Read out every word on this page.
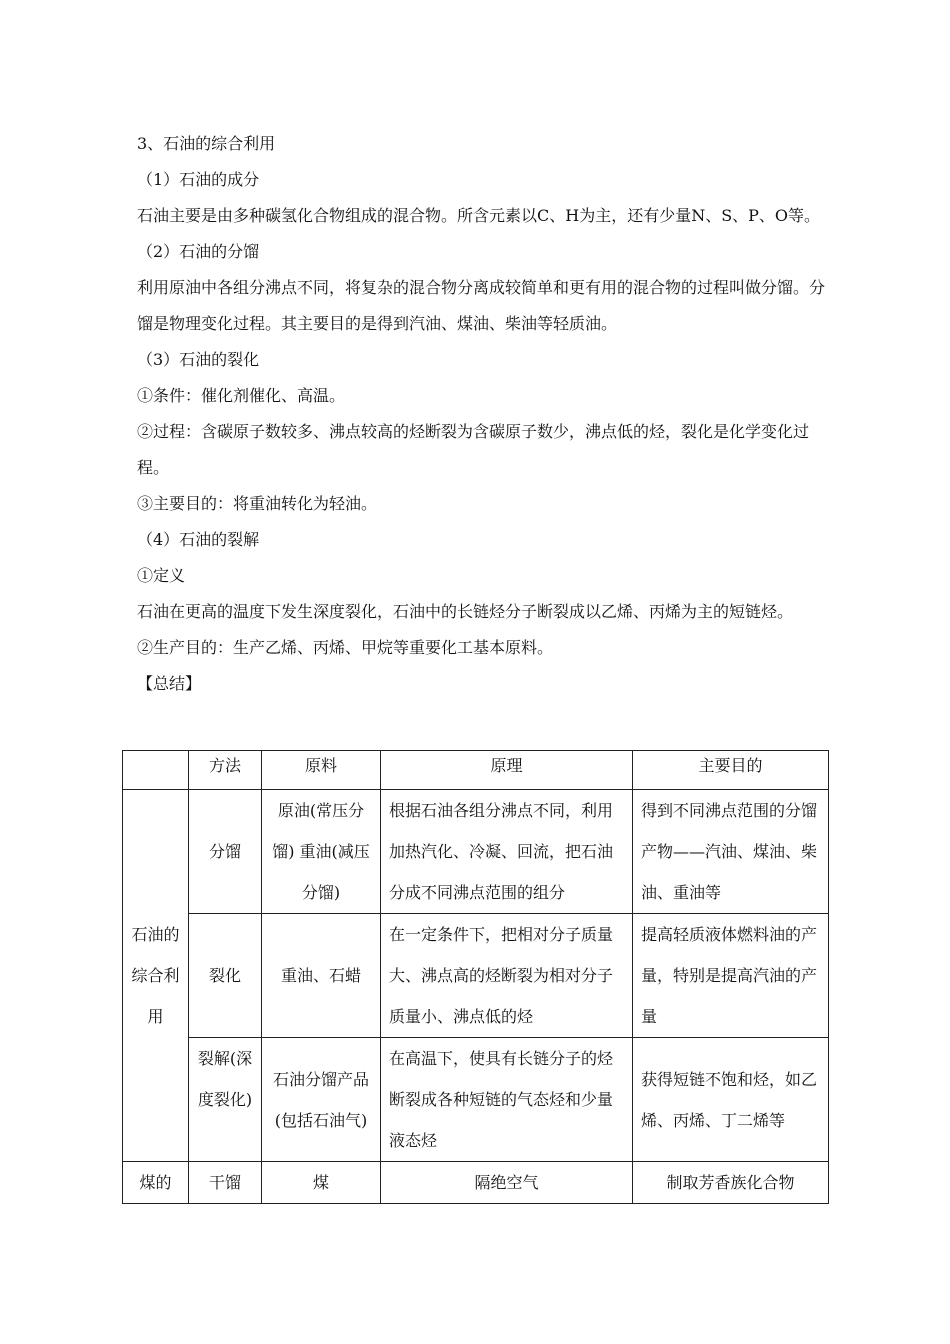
3、石油的综合利用
（1）石油的成分
石油主要是由多种碳氢化合物组成的混合物。所含元素以C、H为主，还有少量N、S、P、O等。
（2）石油的分馏
利用原油中各组分沸点不同，将复杂的混合物分离成较简单和更有用的混合物的过程叫做分馏。分馏是物理变化过程。其主要目的是得到汽油、煤油、柴油等轻质油。
（3）石油的裂化
①条件：催化剂催化、高温。
②过程：含碳原子数较多、沸点较高的烃断裂为含碳原子数少，沸点低的烃，裂化是化学变化过程。
③主要目的：将重油转化为轻油。
（4）石油的裂解
①定义
石油在更高的温度下发生深度裂化，石油中的长链烃分子断裂成以乙烯、丙烯为主的短链烃。
②生产目的：生产乙烯、丙烯、甲烷等重要化工基本原料。
【总结】
	方法	原料	原理	主要目的
石油的综合利用	分馏	原油(常压分馏) 重油(减压分馏)	根据石油各组分沸点不同，利用加热汽化、冷凝、回流，把石油分成不同沸点范围的组分	得到不同沸点范围的分馏产物——汽油、煤油、柴油、重油等
	裂化	重油、石蜡	在一定条件下，把相对分子质量大、沸点高的烃断裂为相对分子质量小、沸点低的烃	提高轻质液体燃料油的产量，特别是提高汽油的产量
	裂解(深度裂化)	石油分馏产品(包括石油气)	在高温下，使具有长链分子的烃断裂成各种短链的气态烃和少量液态烃	获得短链不饱和烃，如乙烯、丙烯、丁二烯等
煤的	干馏	煤	隔绝空气	制取芳香族化合物
